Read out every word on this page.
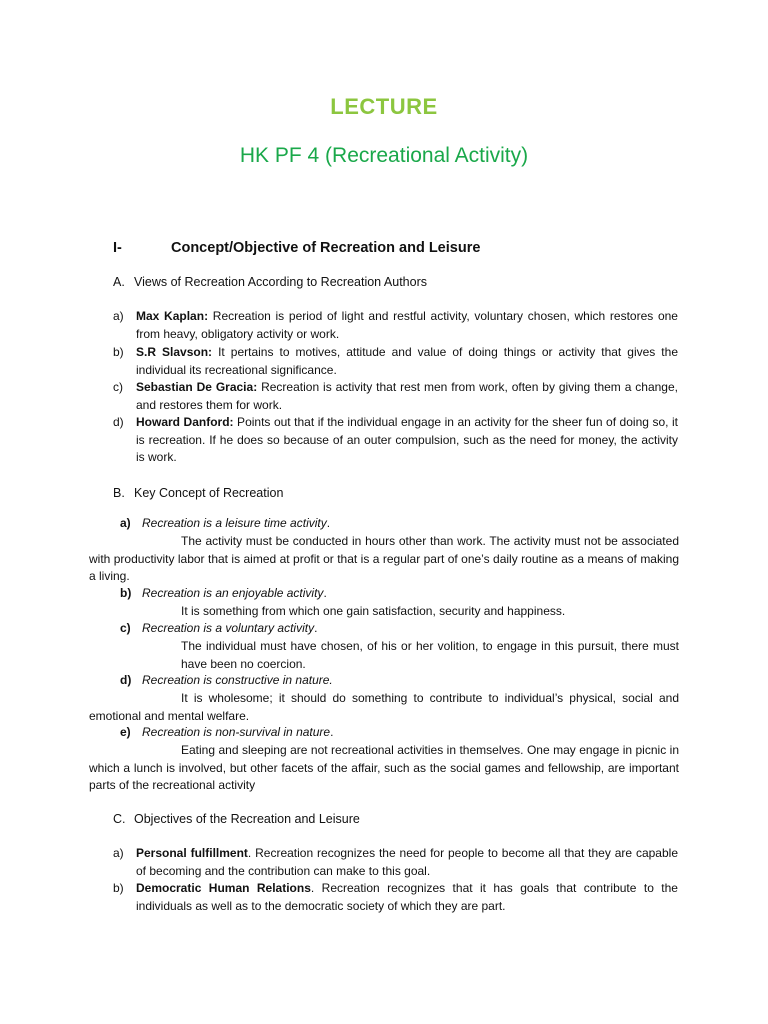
LECTURE
HK PF 4 (Recreational Activity)
I-	Concept/Objective of Recreation and Leisure
A. Views of Recreation According to Recreation Authors
a) Max Kaplan: Recreation is period of light and restful activity, voluntary chosen, which restores one from heavy, obligatory activity or work.
b) S.R Slavson: It pertains to motives, attitude and value of doing things or activity that gives the individual its recreational significance.
c) Sebastian De Gracia: Recreation is activity that rest men from work, often by giving them a change, and restores them for work.
d) Howard Danford: Points out that if the individual engage in an activity for the sheer fun of doing so, it is recreation. If he does so because of an outer compulsion, such as the need for money, the activity is work.
B. Key Concept of Recreation
a) Recreation is a leisure time activity.
The activity must be conducted in hours other than work. The activity must not be associated with productivity labor that is aimed at profit or that is a regular part of one’s daily routine as a means of making a living.
b) Recreation is an enjoyable activity.
It is something from which one gain satisfaction, security and happiness.
c) Recreation is a voluntary activity.
The individual must have chosen, of his or her volition, to engage in this pursuit, there must have been no coercion.
d) Recreation is constructive in nature.
It is wholesome; it should do something to contribute to individual’s physical, social and emotional and mental welfare.
e) Recreation is non-survival in nature.
Eating and sleeping are not recreational activities in themselves. One may engage in picnic in which a lunch is involved, but other facets of the affair, such as the social games and fellowship, are important parts of the recreational activity
C. Objectives of the Recreation and Leisure
a) Personal fulfillment. Recreation recognizes the need for people to become all that they are capable of becoming and the contribution can make to this goal.
b) Democratic Human Relations. Recreation recognizes that it has goals that contribute to the individuals as well as to the democratic society of which they are part.
